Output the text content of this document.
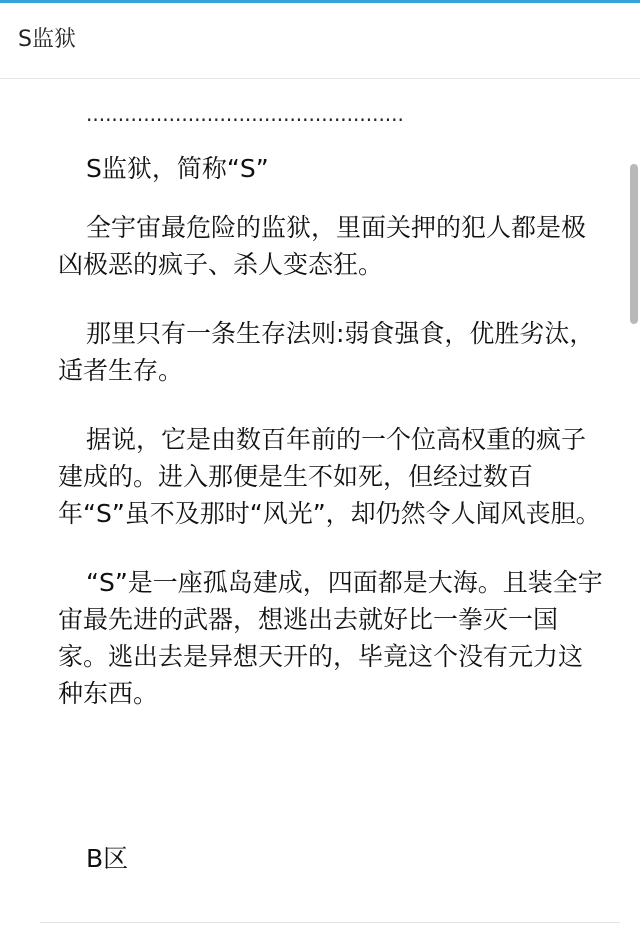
S监狱
..................................................

S监狱，简称“S”

全宇宙最危险的监狱，里面关押的犯人都是极凶极恶的疯子、杀人变态狂。

那里只有一条生存法则:弱食强食，优胜劣汰，适者生存。

据说，它是由数百年前的一个位高权重的疯子建成的。进入那便是生不如死，但经过数百年“S”虽不及那时“风光”，却仍然令人闻风丧胆。

“S”是一座孤岛建成，四面都是大海。且装全宇宙最先进的武器，想逃出去就好比一拳灭一国家。逃出去是异想天开的，毕竟这个没有元力这种东西。

B区
